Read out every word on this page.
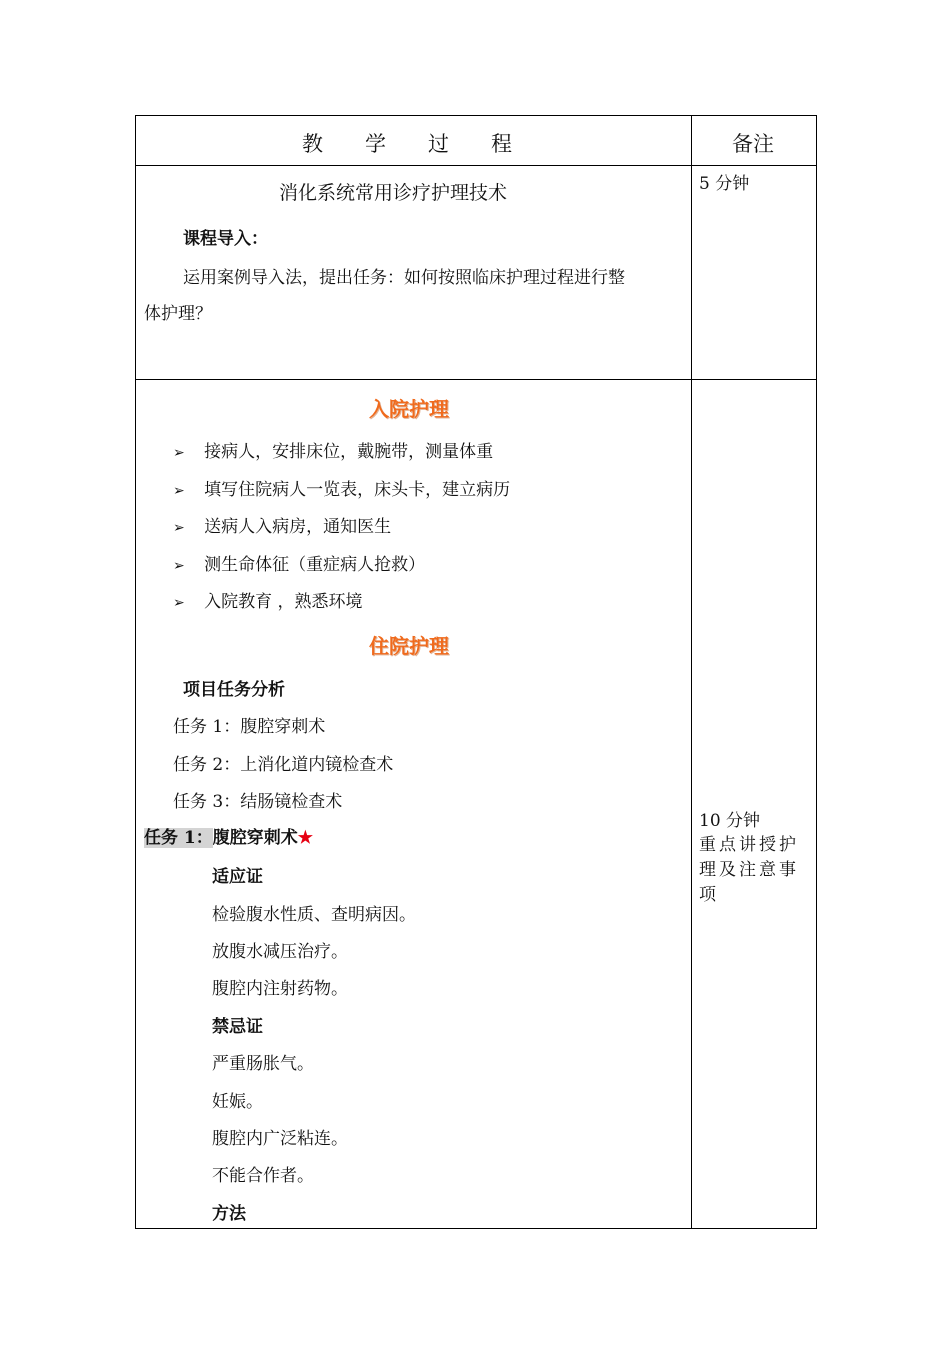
教　　学　　过　　程	备注
消化系统常用诊疗护理技术
课程导入：
运用案例导入法，提出任务：如何按照临床护理过程进行整
体护理？
5 分钟
入院护理
➢ 接病人，安排床位，戴腕带，测量体重
➢ 填写住院病人一览表，床头卡，建立病历
➢ 送病人入病房，通知医生
➢ 测生命体征（重症病人抢救）
➢ 入院教育 ，熟悉环境
住院护理
项目任务分析
任务 1：腹腔穿刺术
任务 2：上消化道内镜检查术
任务 3：结肠镜检查术
任务 1：腹腔穿刺术★
适应证
检验腹水性质、查明病因。
放腹水减压治疗。
腹腔内注射药物。
禁忌证
严重肠胀气。
妊娠。
腹腔内广泛粘连。
不能合作者。
方法
10 分钟
重点讲授护
理及注意事
项
